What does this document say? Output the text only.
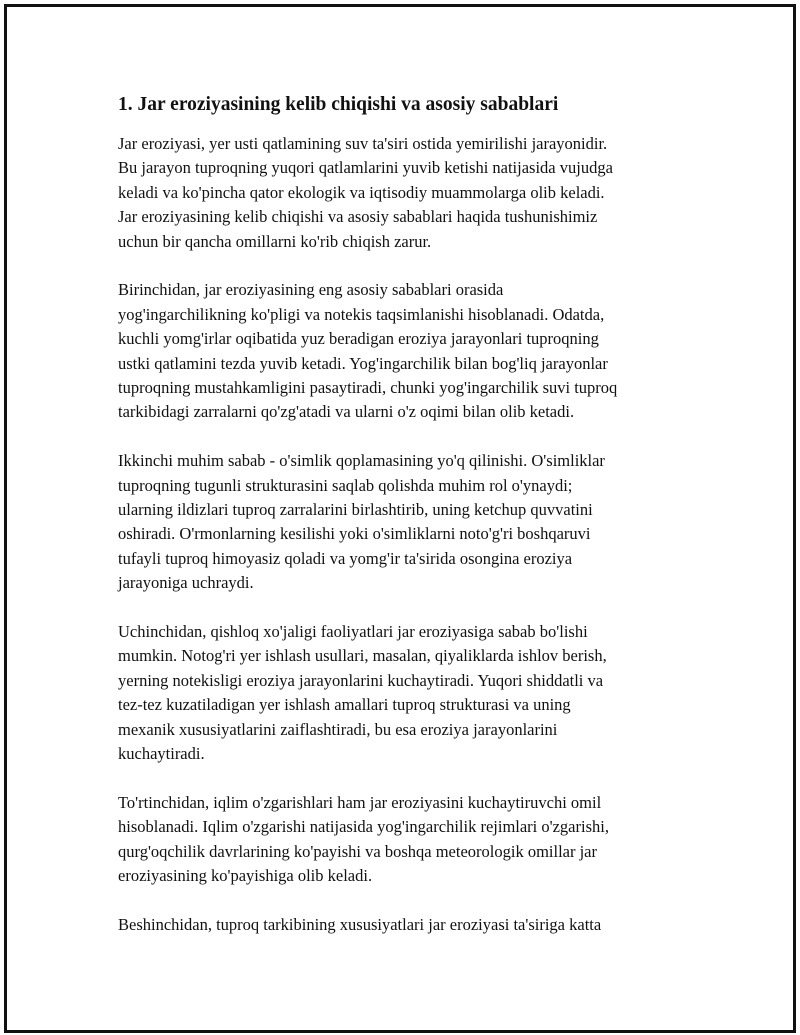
1. Jar eroziyasining kelib chiqishi va asosiy sabablari
Jar eroziyasi, yer usti qatlamining suv ta'siri ostida yemirilishi jarayonidir.
Bu jarayon tuproqning yuqori qatlamlarini yuvib ketishi natijasida vujudga
keladi va ko'pincha qator ekologik va iqtisodiy muammolarga olib keladi.
Jar eroziyasining kelib chiqishi va asosiy sabablari haqida tushunishimiz
uchun bir qancha omillarni ko'rib chiqish zarur.
Birinchidan, jar eroziyasining eng asosiy sabablari orasida
yog'ingarchilikning ko'pligi va notekis taqsimlanishi hisoblanadi. Odatda,
kuchli yomg'irlar oqibatida yuz beradigan eroziya jarayonlari tuproqning
ustki qatlamini tezda yuvib ketadi. Yog'ingarchilik bilan bog'liq jarayonlar
tuproqning mustahkamligini pasaytiradi, chunki yog'ingarchilik suvi tuproq
tarkibidagi zarralarni qo'zg'atadi va ularni o'z oqimi bilan olib ketadi.
Ikkinchi muhim sabab - o'simlik qoplamasining yo'q qilinishi. O'simliklar
tuproqning tugunli strukturasini saqlab qolishda muhim rol o'ynaydi;
ularning ildizlari tuproq zarralarini birlashtirib, uning ketchup quvvatini
oshiradi. O'rmonlarning kesilishi yoki o'simliklarni noto'g'ri boshqaruvi
tufayli tuproq himoyasiz qoladi va yomg'ir ta'sirida osongina eroziya
jarayoniga uchraydi.
Uchinchidan, qishloq xo'jaligi faoliyatlari jar eroziyasiga sabab bo'lishi
mumkin. Notog'ri yer ishlash usullari, masalan, qiyaliklarda ishlov berish,
yerning notekisligi eroziya jarayonlarini kuchaytiradi. Yuqori shiddatli va
tez-tez kuzatiladigan yer ishlash amallari tuproq strukturasi va uning
mexanik xususiyatlarini zaiflashtiradi, bu esa eroziya jarayonlarini
kuchaytiradi.
To'rtinchidan, iqlim o'zgarishlari ham jar eroziyasini kuchaytiruvchi omil
hisoblanadi. Iqlim o'zgarishi natijasida yog'ingarchilik rejimlari o'zgarishi,
qurg'oqchilik davrlarining ko'payishi va boshqa meteorologik omillar jar
eroziyasining ko'payishiga olib keladi.
Beshinchidan, tuproq tarkibining xususiyatlari jar eroziyasi ta'siriga katta
